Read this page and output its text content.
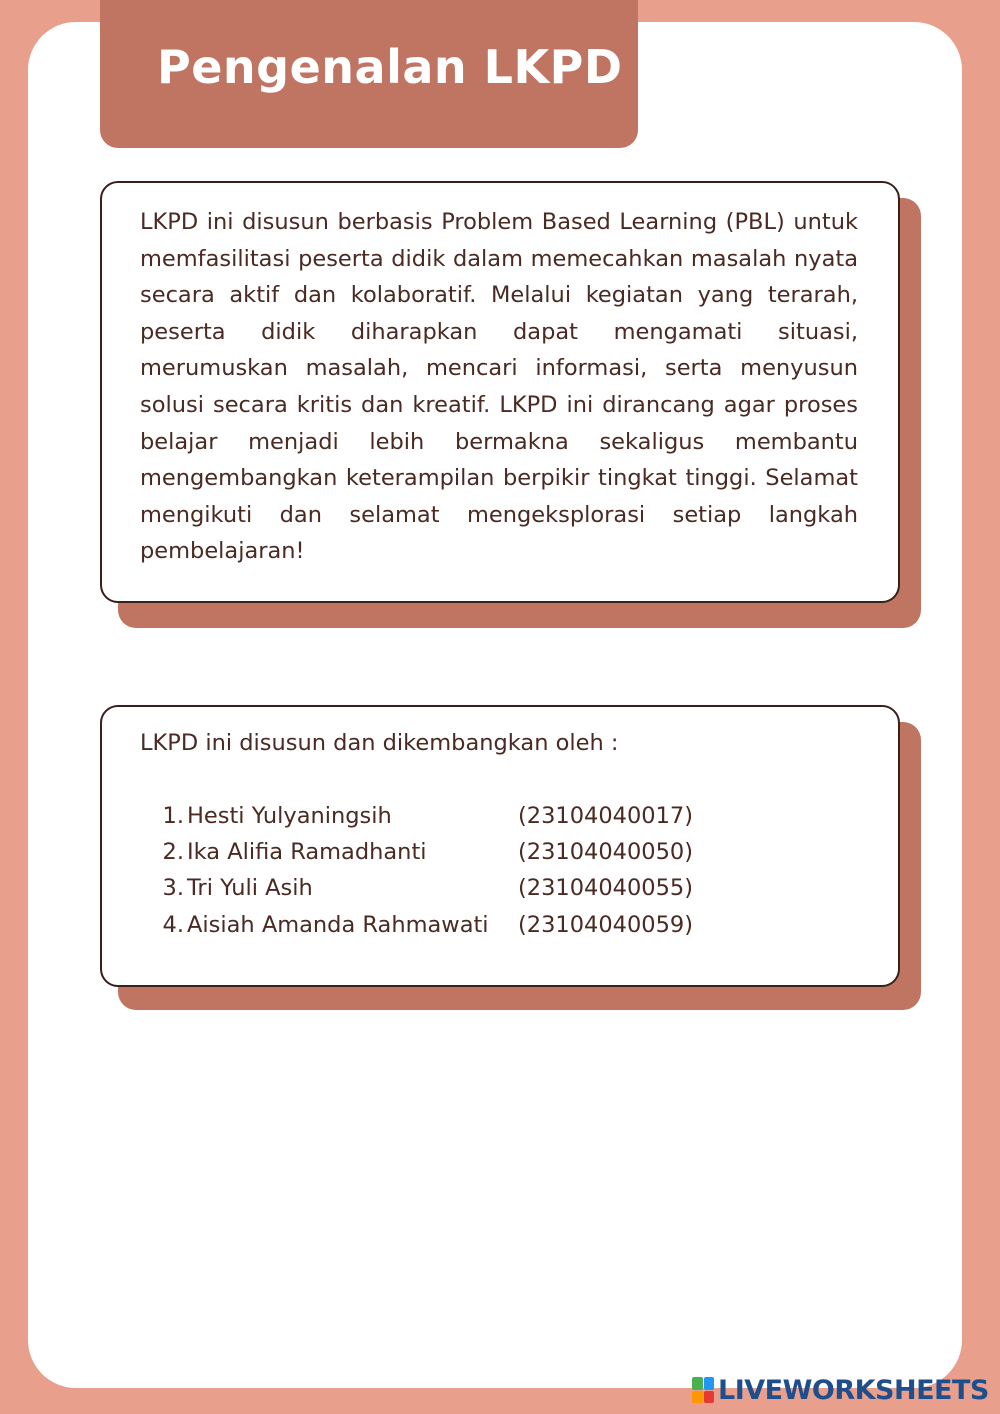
Pengenalan LKPD
LKPD ini disusun berbasis Problem Based Learning (PBL) untuk memfasilitasi peserta didik dalam memecahkan masalah nyata secara aktif dan kolaboratif. Melalui kegiatan yang terarah, peserta didik diharapkan dapat mengamati situasi, merumuskan masalah, mencari informasi, serta menyusun solusi secara kritis dan kreatif. LKPD ini dirancang agar proses belajar menjadi lebih bermakna sekaligus membantu mengembangkan keterampilan berpikir tingkat tinggi. Selamat mengikuti dan selamat mengeksplorasi setiap langkah pembelajaran!
LKPD ini disusun dan dikembangkan oleh :
1. Hesti Yulyaningsih	(23104040017)
2. Ika Alifia Ramadhanti	(23104040050)
3. Tri Yuli Asih	(23104040055)
4. Aisiah Amanda Rahmawati (23104040059)
LIVEWORKSHEETS
